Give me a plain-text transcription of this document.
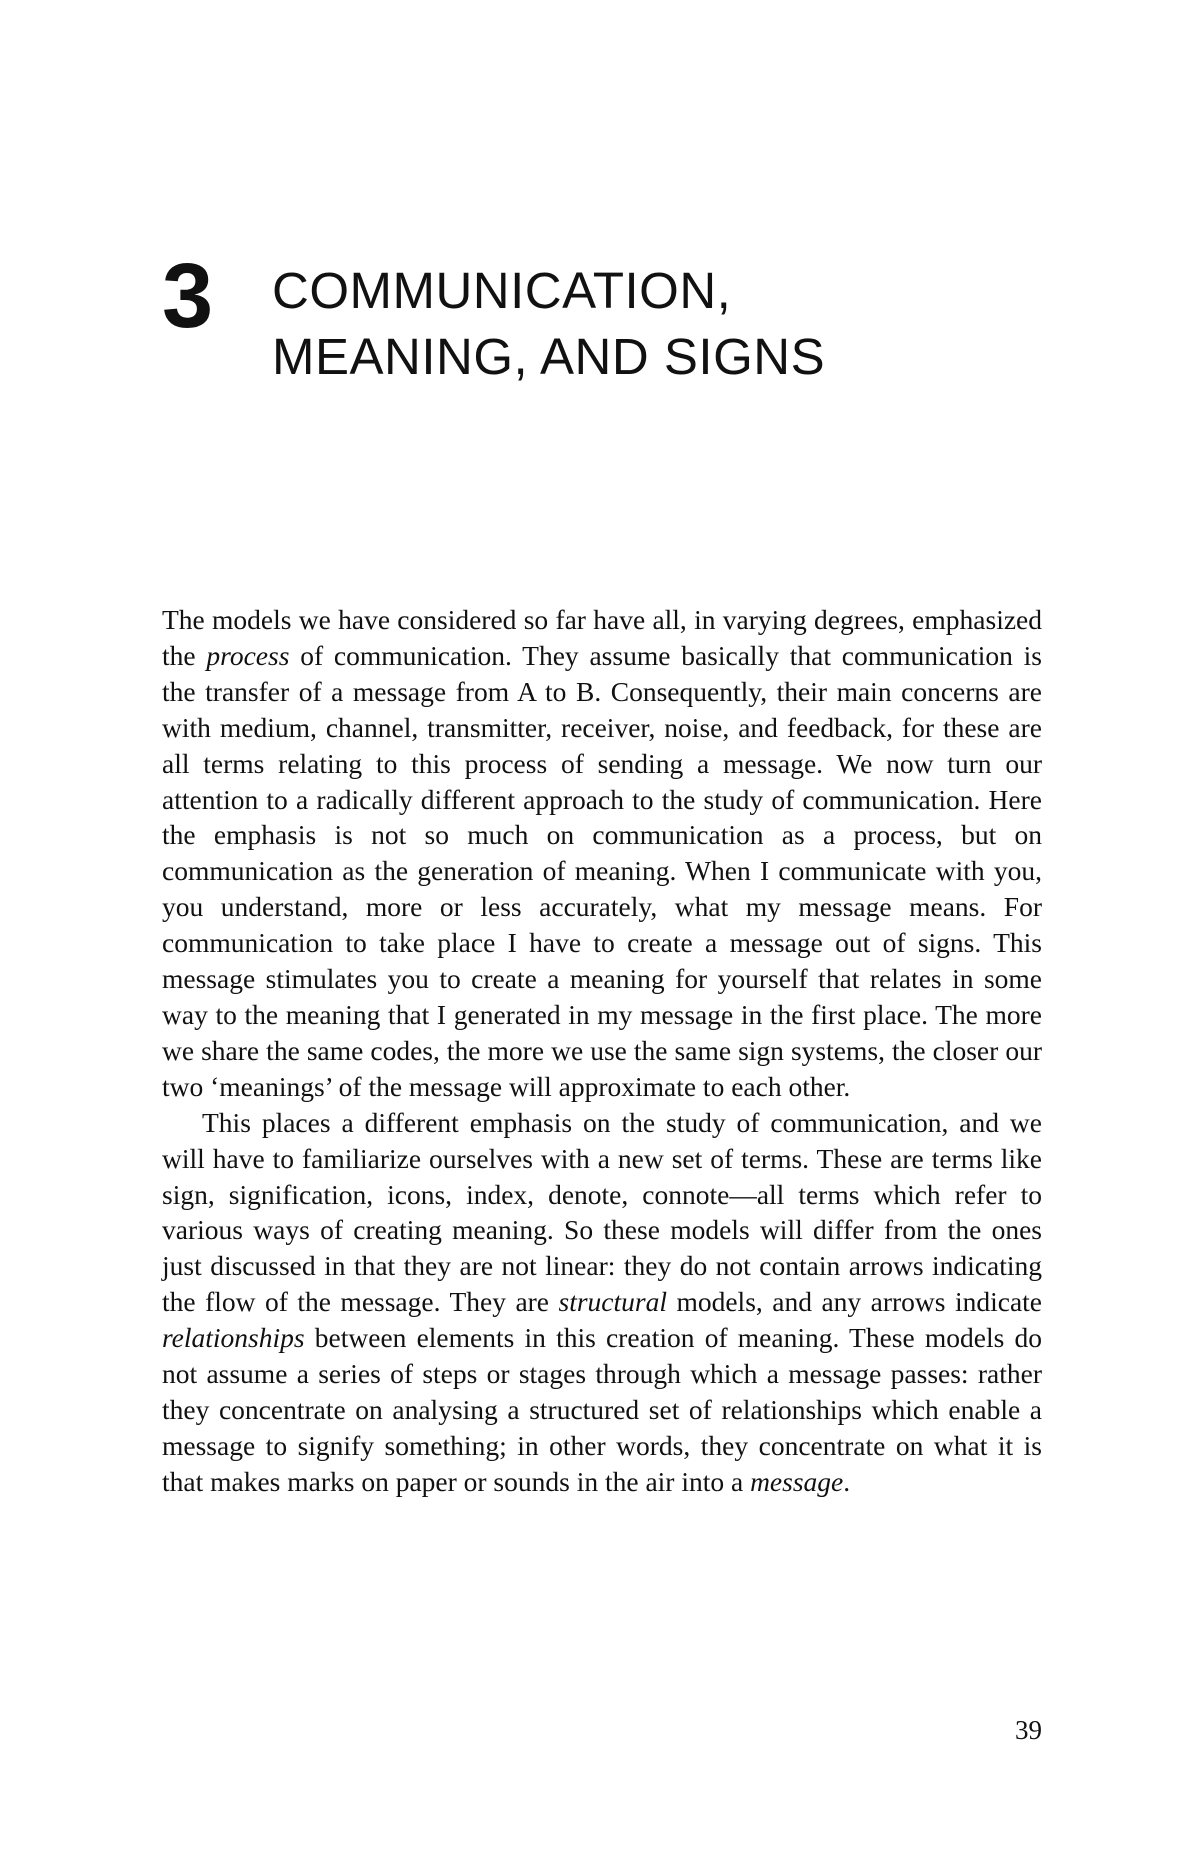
3 COMMUNICATION,
MEANING, AND SIGNS

The models we have considered so far have all, in varying degrees, emphasized the process of communication. They assume basically that communication is the transfer of a message from A to B. Consequently, their main concerns are with medium, channel, transmitter, receiver, noise, and feedback, for these are all terms relating to this process of sending a message. We now turn our attention to a radically different approach to the study of communication. Here the emphasis is not so much on communication as a process, but on communication as the generation of meaning. When I communicate with you, you understand, more or less accurately, what my message means. For communication to take place I have to create a message out of signs. This message stimulates you to create a meaning for yourself that relates in some way to the meaning that I generated in my message in the first place. The more we share the same codes, the more we use the same sign systems, the closer our two ‘meanings’ of the message will approximate to each other.

This places a different emphasis on the study of communication, and we will have to familiarize ourselves with a new set of terms. These are terms like sign, signification, icons, index, denote, connote—all terms which refer to various ways of creating meaning. So these models will differ from the ones just discussed in that they are not linear: they do not contain arrows indicating the flow of the message. They are structural models, and any arrows indicate relationships between elements in this creation of meaning. These models do not assume a series of steps or stages through which a message passes: rather they concentrate on analysing a structured set of relationships which enable a message to signify something; in other words, they concentrate on what it is that makes marks on paper or sounds in the air into a message.

39
